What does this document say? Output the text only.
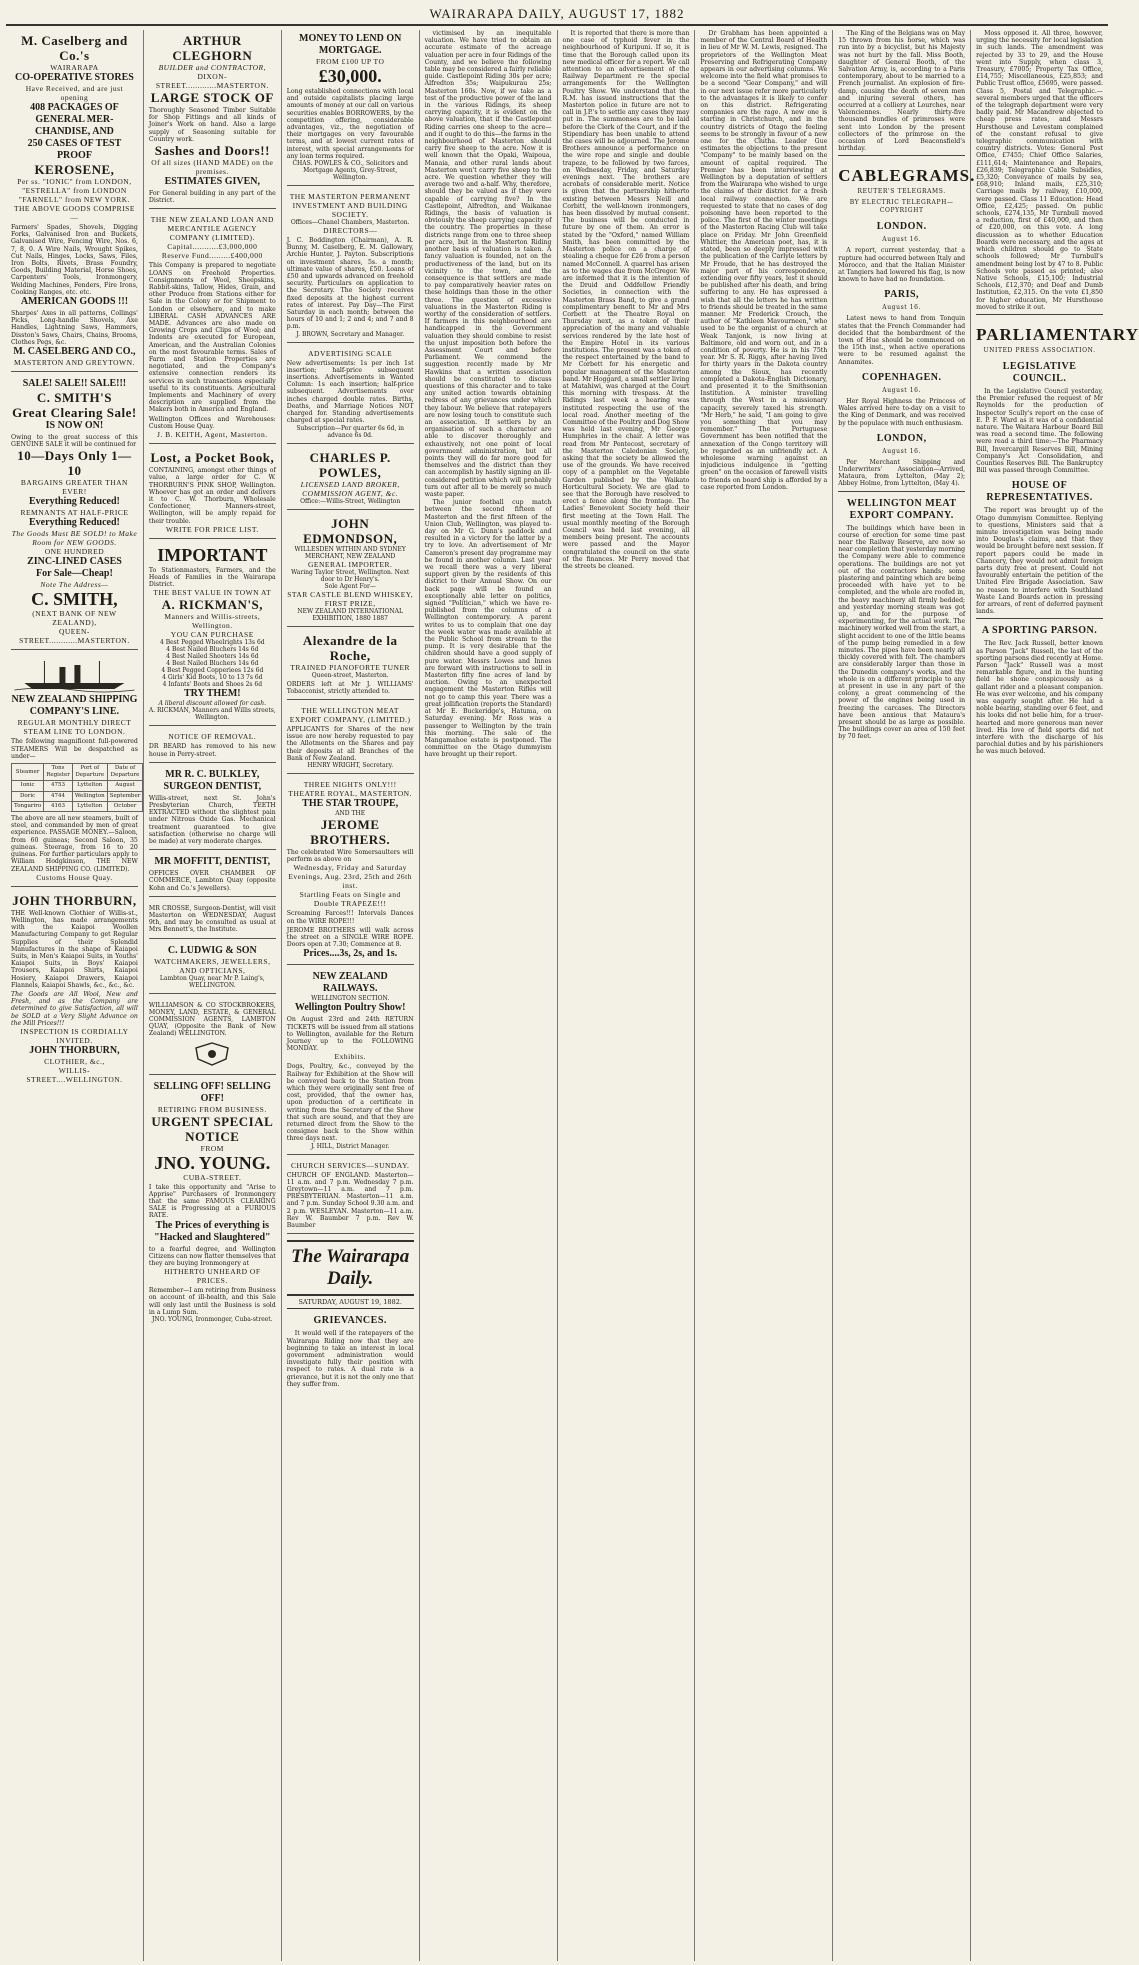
WAIRARAPA DAILY, AUGUST 17, 1882
M. Caselberg and Co.'s
WAIRARAPA
CO-OPERATIVE STORES
Have Received, and are just opening
408 PACKAGES OF GENERAL MER-CHANDISE, AND
250 CASES OF TEST PROOF
KEROSENE,
Per ss. "IONIC" from LONDON,
"ESTRELLA" from LONDON
"FARNELL" from NEW YORK.
THE ABOVE GOODS COMPRISE—
Farmers' Spades, Shovels, Digging Forks, Galvanised Iron and Buckets, Galvanised Wire, Fencing Wire, Nos. 6, 7, 8, 0. A Wire Nails, Wrought Spikes, Cut Nails, Hinges, Locks, Saws, Files, Iron Bolts, Rivets, Brass Foundry, Goods, Building Material, Horse Shoes, Carpenters' Tools, Ironmongery, Welding Machines, Fenders, Fire Irons, Cooking Ranges, etc. etc.
AMERICAN GOODS !!!
Sharpes' Axes in all patterns, Collings' Picks, Long-handle Shovels, Axe Handles, Lightning Saws, Hammers, Disston's Saws, Chairs, Chains, Brooms, Clothes Pegs, &c.
M. CASELBERG AND CO.,
MASTERTON AND GREYTOWN.
SALE! SALE!! SALE!!!
C. SMITH'S
Great Clearing Sale!
IS NOW ON!
Owing to the great success of this GENUINE SALE it will be continued for
10—Days Only 1—10
BARGAINS GREATER THAN EVER!
Everything Reduced!
REMNANTS AT HALF-PRICE
Everything Reduced!
The Goods Must BE SOLD! to Make Room for NEW GOODS.
ONE HUNDRED
ZINC-LINED CASES
For Sale—Cheap!
Note The Address—
C. SMITH,
(NEXT BANK OF NEW ZEALAND),
QUEEN-STREET............MASTERTON.
NEW ZEALAND SHIPPING COMPANY'S LINE.
REGULAR MONTHLY DIRECT STEAM LINE TO LONDON.
The following magnificent full-powered STEAMERS Will be despatched as under—
Steamer	Tons Register	Port of Departure	Date of Departure
Ionic	4753	Lyttelton	August
Doric	4744	Wellington	September
Tongariro	4163	Lyttelton	October
The above are all new steamers, built of steel, and commanded by men of great experience. PASSAGE MONEY.—Saloon, from 60 guineas; Second Saloon, 35 guineas. Steerage, from 16 to 20 guineas. For further particulars apply to William Hodgkinson, THE NEW ZEALAND SHIPPING CO. (LIMITED).
Customs House Quay.
JOHN THORBURN,
THE Well-known Clothier of Willis-st., Wellington, has made arrangements with the Kaiapoi Woollen Manufacturing Company to get Regular Supplies of their Splendid Manufactures in the shape of Kaiapoi Suits, in Men's Kaiapoi Suits, in Youths' Kaiapoi Suits, in Boys' Kaiapoi Trousers, Kaiapoi Shirts, Kaiapoi Hosiery, Kaiapoi Drawers, Kaiapoi Flannels, Kaiapoi Shawls, &c., &c., &c.
The Goods are All Wool, New and Fresh, and as the Company are determined to give Satisfaction, all will be SOLD at a Very Slight Advance on the Mill Prices!!!
INSPECTION IS CORDIALLY INVITED.
JOHN THORBURN,
CLOTHIER, &c.,
WILLIS-STREET....WELLINGTON.
ARTHUR CLEGHORN
BUILDER and CONTRACTOR,
DIXON-STREET.............MASTERTON.
LARGE STOCK OF
Thoroughly Seasoned Timber Suitable for Shop Fittings and all kinds of Joiner's Work on hand. Also a large supply of Seasoning suitable for Country work.
Sashes and Doors!!
Of all sizes (HAND MADE) on the premises.
ESTIMATES GIVEN,
For General building in any part of the District.
THE NEW ZEALAND LOAN AND MERCANTILE AGENCY COMPANY (LIMITED).
Capital...........£3,000,000
Reserve Fund.........£400,000
This Company is prepared to negotiate LOANS on Freehold Properties. Consignments of Wool, Sheepskins, Rabbit-skins, Tallow, Hides, Grain, and other Produce from Stations either for Sale in the Colony or for Shipment to London or elsewhere, and to make LIBERAL CASH ADVANCES ARE MADE. Advances are also made on Growing Crops and Clips of Wool; and Indents are executed for European, American, and the Australian Colonies on the most favourable terms. Sales of Farm and Station Properties are negotiated, and the Company's extensive connection renders its services in such transactions especially useful to its constituents. Agricultural Implements and Machinery of every description are supplied from the Makers both in America and England.
Wellington Offices and Warehouses: Custom House Quay.
J. B. KEITH, Agent, Masterton.
Lost, a Pocket Book,
CONTAINING, amongst other things of value, a large order for C. W. THORBURN'S PINK SHOP, Wellington. Whoever has got an order and delivers it to C. W. Thorburn, Wholesale Confectioner, Manners-street, Wellington, will be amply repaid for their trouble.
WRITE FOR PRICE LIST.
IMPORTANT
To Stationmasters, Farmers, and the Heads of Families in the Wairarapa District.
THE BEST VALUE IN TOWN AT
A. RICKMAN'S,
Manners and Willis-streets, Wellington.
YOU CAN PURCHASE
4 Best Pegged Wheelrights 13s 6d
4 Best Nailed Bluchers 14s 6d
4 Best Nailed Shooters 14s 6d
4 Best Nailed Bluchers 14s 6d
4 Best Pegged Copperiees 12s 6d
4 Girls' Kid Boots, 10 to 13 7s 6d
4 Infants' Boots and Shoes 2s 6d
TRY THEM!
A liberal discount allowed for cash.
A. RICKMAN, Manners and Willis streets, Wellington.
NOTICE OF REMOVAL.
DR BEARD has removed to his new house in Perry-street.
MR R. C. BULKLEY, SURGEON DENTIST,
Willis-street, next St. John's Presbyterian Church, TEETH EXTRACTED without the slightest pain under Nitrous Oxide Gas. Mechanical treatment guaranteed to give satisfaction (otherwise no charge will be made) at very moderate charges.
MR MOFFITT, DENTIST,
OFFICES OVER CHAMBER OF COMMERCE, Lambton Quay (opposite Kohn and Co.'s Jewellers).
MR CROSSE, Surgeon-Dentist, will visit Masterton on WEDNESDAY, August 9th, and may be consulted as usual at Mrs Bennett's, the Institute.
C. LUDWIG & SON
WATCHMAKERS, JEWELLERS, AND OPTICIANS,
Lambton Quay, near Mr P. Laing's, WELLINGTON.
WILLIAMSON & CO STOCKBROKERS, MONEY, LAND, ESTATE, & GENERAL COMMISSION AGENTS, LAMBTON QUAY, (Opposite the Bank of New Zealand) WELLINGTON.
SELLING OFF! SELLING OFF!
RETIRING FROM BUSINESS.
URGENT SPECIAL NOTICE
FROM
JNO. YOUNG.
CUBA-STREET.
I take this opportunity and "Arise to Apprise" Purchasers of Ironmongery that the same FAMOUS CLEARING SALE is Progressing at a FURIOUS RATE.
The Prices of everything is "Hacked and Slaughtered"
to a fearful degree, and Wellington Citizens can now flatter themselves that they are buying Ironmongery at
HITHERTO UNHEARD OF PRICES.
Remember—I am retiring from Business on account of ill-health, and this Sale will only last until the Business is sold in a Lump Sum.
JNO. YOUNG, Ironmonger, Cuba-street.
MONEY TO LEND ON MORTGAGE.
FROM £100 UP TO
£30,000.
Long established connections with local and outside capitalists placing large amounts of money at our call on various securities enables BORROWERS, by the competition offering, considerable advantages, viz., the negotiation of their mortgages on very favourable terms, and at lowest current rates of interest, with special arrangements for any loan terms required.
CHAS. POWLES & CO., Solicitors and Mortgage Agents, Grey-Street, Wellington.
THE MASTERTON PERMANENT INVESTMENT AND BUILDING SOCIETY.
Offices—Chanel Chambers, Masterton.
DIRECTORS—
J. C. Boddington (Chairman), A. R. Bunny, M. Caselberg, E. M. Gallowary, Archie Hunter, J. Payton. Subscriptions on investment shares, 5s. a month; ultimate value of shares, £50. Loans of £50 and upwards advanced on freehold security. Particulars on application to the Secretary. The Society receives fixed deposits at the highest current rates of interest. Pay Day—The First Saturday in each month; between the hours of 10 and 1; 2 and 4; and 7 and 8 p.m.
J. BROWN, Secretary and Manager.
ADVERTISING SCALE
New advertisements: 1s per inch 1st insertion; half-price subsequent insertions. Advertisements in Wanted Column: 1s each insertion; half-price subsequent. Advertisements over inches charged double rates. Births, Deaths, and Marriage Notices NOT charged for. Standing advertisements charged at special rates.
Subscription—Per quarter 6s 6d, in advance 6s 0d.
CHARLES P. POWLES,
LICENSED LAND BROKER, COMMISSION AGENT, &c.
Office:—Willis-Street, Wellington
JOHN EDMONDSON,
WILLESDEN WITHIN AND SYDNEY MERCHANT, NEW ZEALAND
GENERAL IMPORTER.
Waring Taylor Street, Wellington. Next door to Dr Henry's.
Sole Agent For—
STAR CASTLE BLEND WHISKEY, FIRST PRIZE,
NEW ZEALAND INTERNATIONAL EXHIBITION, 1880 1887
Alexandre de la Roche,
TRAINED PIANOFORTE TUNER
Queen-street, Masterton.
ORDERS left at Mr J. WILLIAMS' Tobacconist, strictly attended to.
THE WELLINGTON MEAT EXPORT COMPANY, (LIMITED.)
APPLICANTS for Shares of the new issue are now hereby requested to pay the Allotments on the Shares and pay their deposits at all Branches of the Bank of New Zealand.
HENRY WRIGHT, Secretary.
THREE NIGHTS ONLY!!!
THEATRE ROYAL, MASTERTON.
THE STAR TROUPE,
AND THE
JEROME BROTHERS.
The celebrated Wire Somersaulters will perform as above on
Wednesday, Friday and Saturday Evenings, Aug. 23rd, 25th and 26th inst.
Startling Feats on Single and Double TRAPEZE!!!
Screaming Farces!!! Intervals Dances on the WIRE ROPE!!!
JEROME BROTHERS will walk across the street on a SINGLE WIRE ROPE. Doors open at 7.30; Commence at 8.
Prices....3s, 2s, and 1s.
NEW ZEALAND RAILWAYS.
WELLINGTON SECTION.
Wellington Poultry Show!
On August 23rd and 24th RETURN TICKETS will be issued from all stations to Wellington, available for the Return Journey up to the FOLLOWING MONDAY.
Exhibits.
Dogs, Poultry, &c., conveyed by the Railway for Exhibition at the Show will be conveyed back to the Station from which they were originally sent free of cost, provided, that the owner has, upon production of a certificate in writing from the Secretary of the Show that such are sound, and that they are returned direct from the Show to the consignee back to the Show within three days next.
J. HILL, District Manager.
CHURCH SERVICES—SUNDAY.
CHURCH OF ENGLAND. Masterton—11 a.m. and 7 p.m. Wednesday 7 p.m. Greytown—11 a.m. and 7 p.m. PRESBYTERIAN. Masterton—11 a.m. and 7 p.m. Sunday School 9.30 a.m. and 2 p.m. WESLEYAN. Masterton—11 a.m. Rev W. Baumber 7 p.m. Rev W. Baumber
The Wairarapa Daily.
SATURDAY, AUGUST 19, 1882.
GRIEVANCES.
It would well if the ratepayers of the Wairarapa Riding now that they are beginning to take an interest in local government administration would investigate fully their position with respect to rates. A dual rate is a grievance, but it is not the only one that they suffer from.
victimised by an inequitable valuation. We have tried to obtain an accurate estimate of the acreage valuation per acre in four Ridings of the County, and we believe the following table may be considered a fairly reliable guide. Castlepoint Riding 30s per acre; Alfredton 35s; Waipukurau 25s; Masterton 160s. Now, if we take as a test of the productive power of the land in the various Ridings, its sheep carrying capacity, it is evident on the above valuation, that if the Castlepoint Riding carries one sheep to the acre—and it ought to do this—the farms in the neighbourhood of Masterton should carry five sheep to the acre. Now it is well known that the Opaki, Waipoua, Manaia, and other rural lands about Masterton won't carry five sheep to the acre. We question whether they will average two and a-half. Why, therefore, should they be valued as if they were capable of carrying five? In the Castlepoint, Alfredton, and Waikanae Ridings, the basis of valuation is obviously the sheep carrying capacity of the country. The properties in these districts range from one to three sheep per acre, but in the Masterton Riding another basis of valuation is taken. A fancy valuation is founded, not on the productiveness of the land, but on its vicinity to the town, and the consequence is that settlers are made to pay comparatively heavier rates on these holdings than those in the other three. The question of excessive valuations in the Masterton Riding is worthy of the consideration of settlers. If farmers in this neighbourhood are handicapped in the Government valuation they should combine to resist the unjust imposition both before the Assessment Court and before Parliament. We commend the suggestion recently made by Mr Hawkins that a written association should be constituted to discuss questions of this character and to take any united action towards obtaining redress of any grievances under which they labour. We believe that ratepayers are now losing touch to constitute such an association. If settlers by an organisation of such a character are able to discover thoroughly and exhaustively, not one point of local government administration, but all points they will do far more good for themselves and the district than they can accomplish by hastily signing an ill-considered petition which will probably turn out after all to be merely so much waste paper.
The junior football cup match between the second fifteen of Masterton and the first fifteen of the Union Club, Wellington, was played to-day on Mr G. Dunn's paddock and resulted in a victory for the latter by a try to love. An advertisement of Mr Cameron's present day programme may be found in another column. Last year we recall there was a very liberal support given by the residents of this district to their Annual Show. On our back page will be found an exceptionally able letter on politics, signed "Politician," which we have re-published from the columns of a Wellington contemporary. A parent writes to us to complain that one day the week water was made available at the Public School from stream to the pump. It is very desirable that the children should have a good supply of pure water. Messrs Lowes and Innes are forward with instructions to sell in Masterton fifty fine acres of land by auction. Owing to an unexpected engagement the Masterton Rifles will not go to camp this year. There was a great jollification (reports the Standard) at Mr E. Buckeridge's, Hatuma, on Saturday evening. Mr Ross was a passenger to Wellington by the train this morning. The sale of the Mangamahoe estate is postponed. The committee on the Otago dummyism have brought up their report.
It is reported that there is more than one case of typhoid fever in the neighbourhood of Kuripuni. If so, it is time that the Borough called upon its new medical officer for a report. We call attention to an advertisement of the Railway Department re the special arrangements for the Wellington Poultry Show. We understand that the R.M. has issued instructions that the Masterton police in future are not to call in J.P.'s to settle any cases they may put in. The summonses are to be laid before the Clerk of the Court, and if the Stipendiary has been unable to attend the cases will be adjourned. The Jerome Brothers announce a performance on the wire rope and single and double trapeze, to be followed by two farces, on Wednesday, Friday, and Saturday evenings next. The brothers are acrobats of considerable merit. Notice is given that the partnership hitherto existing between Messrs Neill and Corbitt, the well-known ironmongers, has been dissolved by mutual consent. The business will be conducted in future by one of them. An error is stated by the "Oxford," named William Smith, has been committed by the Masterton police on a charge of stealing a cheque for £26 from a person named McConnell. A quarrel has arisen as to the wages due from McGregor. We are informed that it is the intention of the Druid and Oddfellow Friendly Societies, in connection with the Masterton Brass Band, to give a grand complimentary benefit to Mr and Mrs Corbett at the Theatre Royal on Thursday next, as a token of their appreciation of the many and valuable services rendered by the late host of the Empire Hotel in its various institutions. The present was a token of the respect entertained by the band to Mr Corbett for his energetic and popular management of the Masterton band. Mr Hoggard, a small settler living at Matahiwi, was charged at the Court this morning with trespass. At the Ridings last week a hearing was instituted respecting the use of the local road. Another meeting of the Committee of the Poultry and Dog Show was held last evening, Mr George Humphries in the chair. A letter was read from Mr Pentecost, secretary of the Masterton Caledonian Society, asking that the society be allowed the use of the grounds. We have received copy of a pamphlet on the Vegetable Garden published by the Waikato Horticultural Society. We are glad to see that the Borough have resolved to erect a fence along the frontage. The Ladies' Benevolent Society held their first meeting at the Town Hall. The usual monthly meeting of the Borough Council was held last evening, all members being present. The accounts were passed and the Mayor congratulated the council on the state of the finances. Mr Perry moved that the streets be cleaned.
Dr Grabham has been appointed a member of the Central Board of Health in lieu of Mr W. M. Lewis, resigned. The proprietors of the Wellington Meat Preserving and Refrigerating Company appears in our advertising columns. We welcome into the field what promises to be a second "Gear Company," and will in our next issue refer more particularly to the advantages it is likely to confer on this district. Refrigerating companies are the rage. A new one is starting in Christchurch, and in the country districts of Otago the feeling seems to be strongly in favour of a new one for the Clutha. Leader Gue estimates the objections to the present "Company" to be mainly based on the amount of capital required. The Premier has been interviewing at Wellington by a deputation of settlers from the Wairarapa who wished to urge the claims of their district for a fresh local railway connection. We are requested to state that no cases of dog poisoning have been reported to the police. The first of the winter meetings of the Masterton Racing Club will take place on Friday. Mr John Greenfield Whittier, the American poet, has, it is stated, been so deeply impressed with the publication of the Carlyle letters by Mr Froude, that he has destroyed the major part of his correspondence, extending over fifty years, lest it should be published after his death, and bring suffering to any. He has expressed a wish that all the letters he has written to friends should be treated in the same manner. Mr Frederick Crouch, the author of "Kathleen Mavourneen," who used to be the organist of a church at Weak Tanjonk, is now living at Baltimore, old and worn out, and in a condition of poverty. He is in his 75th year. Mr S. R. Riggs, after having lived for thirty years in the Dakota country among the Sioux, has recently completed a Dakota-English Dictionary, and presented it to the Smithsonian Institution. A minister travelling through the West in a missionary capacity, severely taxed his strength. "Mr Herb," he said, "I am going to give you something that you may remember." The Portuguese Government has been notified that the annexation of the Congo territory will be regarded as an unfriendly act. A wholesome warning against an injudicious indulgence in "getting green" on the occasion of farewell visits to friends on board ship is afforded by a case reported from London.
The King of the Belgians was on May 15 thrown from his horse, which was run into by a bicyclist, but his Majesty was not hurt by the fall. Miss Booth, daughter of General Booth, of the Salvation Army, is, according to a Paris contemporary, about to be married to a French journalist. An explosion of fire-damp, causing the death of seven men and injuring several others, has occurred at a colliery at Lourches, near Valenciennes. Nearly thirty-five thousand bundles of primroses were sent into London by the present collectors of the primrose on the occasion of Lord Beaconsfield's birthday.
CABLEGRAMS.
REUTER'S TELEGRAMS.
BY ELECTRIC TELEGRAPH—COPYRIGHT
LONDON.
August 16.
A report, current yesterday, that a rupture had occurred between Italy and Morocco, and that the Italian Minister at Tangiers had lowered his flag, is now known to have had no foundation.
PARIS,
August 16.
Latest news to hand from Tonquin states that the French Commander had decided that the bombardment of the town of Hue should be commenced on the 15th inst., when active operations were to be resumed against the Annamites.
COPENHAGEN.
August 16.
Her Royal Highness the Princess of Wales arrived here to-day on a visit to the King of Denmark, and was received by the populace with much enthusiasm.
LONDON,
August 16.
Per Merchant Shipping and Underwriters' Association—Arrived, Mataura, from Lyttelton, (May 2); Abbey Holme, from Lyttelton, (May 4).
WELLINGTON MEAT EXPORT COMPANY.
The buildings which have been in course of erection for some time past near the Railway Reserve, are now so near completion that yesterday morning the Company were able to commence operations. The buildings are not yet out of the contractors hands; some plastering and painting which are being proceeded with have yet to be completed, and the whole are roofed in, the heavy machinery all firmly bedded; and yesterday morning steam was got up, and for the purpose of experimenting, for the actual work. The machinery worked well from the start, a slight accident to one of the little beams of the pump being remedied in a few minutes. The pipes have been nearly all thickly covered with felt. The chambers are considerably larger than those in the Dunedin company's works, and the whole is on a different principle to any at present in use in any part of the colony, a great commencing of the power of the engines being used in freezing the carcases. The Directors have been anxious that Mataura's present should be as large as possible. The buildings cover an area of 150 feet by 70 feet.
Moss opposed it. All three, however, urging the necessity for local legislation in such lands. The amendment was rejected by 33 to 29, and the House went into Supply, when class 3, Treasury, £7005; Property Tax Office, £14,755; Miscellaneous, £25,853; and Public Trust office, £5695, were passed. Class 5, Postal and Telegraphic.—several members urged that the officers of the telegraph department were very badly paid. Mr Macandrew objected to cheap press rates, and Messrs Hursthouse and Levestam complained of the constant refusal to give telegraphic communication with country districts. Votes: General Post Office, £7455; Chief Office Salaries, £111,614; Maintenance and Repairs, £26,839; Telegraphic Cable Subsidies, £5,320; Conveyance of mails by sea, £68,910; Inland mails, £25,310; Carriage mails by railway, £10,000, were passed. Class 11 Education: Head Office, £2,425; passed. On public schools, £274,135, Mr Turnbull moved a reduction, first of £40,000, and then of £20,000, on this vote. A long discussion as to whether Education Boards were necessary, and the ages at which children should go to State schools followed; Mr Turnbull's amendment being lost by 47 to 8. Public Schools vote passed as printed; also Native Schools, £15,100; Industrial Schools, £12,370; and Deaf and Dumb Institution, £2,315. On the vote £1,850 for higher education, Mr Hursthouse moved to strike it out.
PARLIAMENTARY
UNITED PRESS ASSOCIATION.
LEGISLATIVE COUNCIL.
In the Legislative Council yesterday, the Premier refused the request of Mr Reynolds for the production of Inspector Scully's report on the case of E. P. F. Ward as it was of a confidential nature. The Waitara Harbour Board Bill was read a second time. The following were read a third time:—The Pharmacy Bill, Invercargill Reserves Bill, Mining Company's Act Consolidation, and Counties Reserves Bill. The Bankruptcy Bill was passed through Committee.
HOUSE OF REPRESENTATIVES.
The report was brought up of the Otago dummyism Committee. Replying to questions, Ministers said that a minute investigation was being made into Douglas's claims, and that they would be brought before next session. If report papers could be made in Chancery, they would not admit foreign parts duty free at present. Could not favourably entertain the petition of the United Fire Brigade Association. Saw no reason to interfere with Southland Waste Land Boards action in pressing for arrears, of rent of deferred payment lands.
A SPORTING PARSON.
The Rev. Jack Russell, better known as Parson "Jack" Russell, the last of the sporting parsons died recently at Home. Parson "Jack" Russell was a most remarkable figure, and in the hunting field he shone conspicuously as a gallant rider and a pleasant companion. He was ever welcome, and his company was eagerly sought after. He had a noble bearing, standing over 6 feet, and his looks did not belie him, for a truer-hearted and more generous man never lived. His love of field sports did not interfere with the discharge of his parochial duties and by his parishioners he was much beloved.
